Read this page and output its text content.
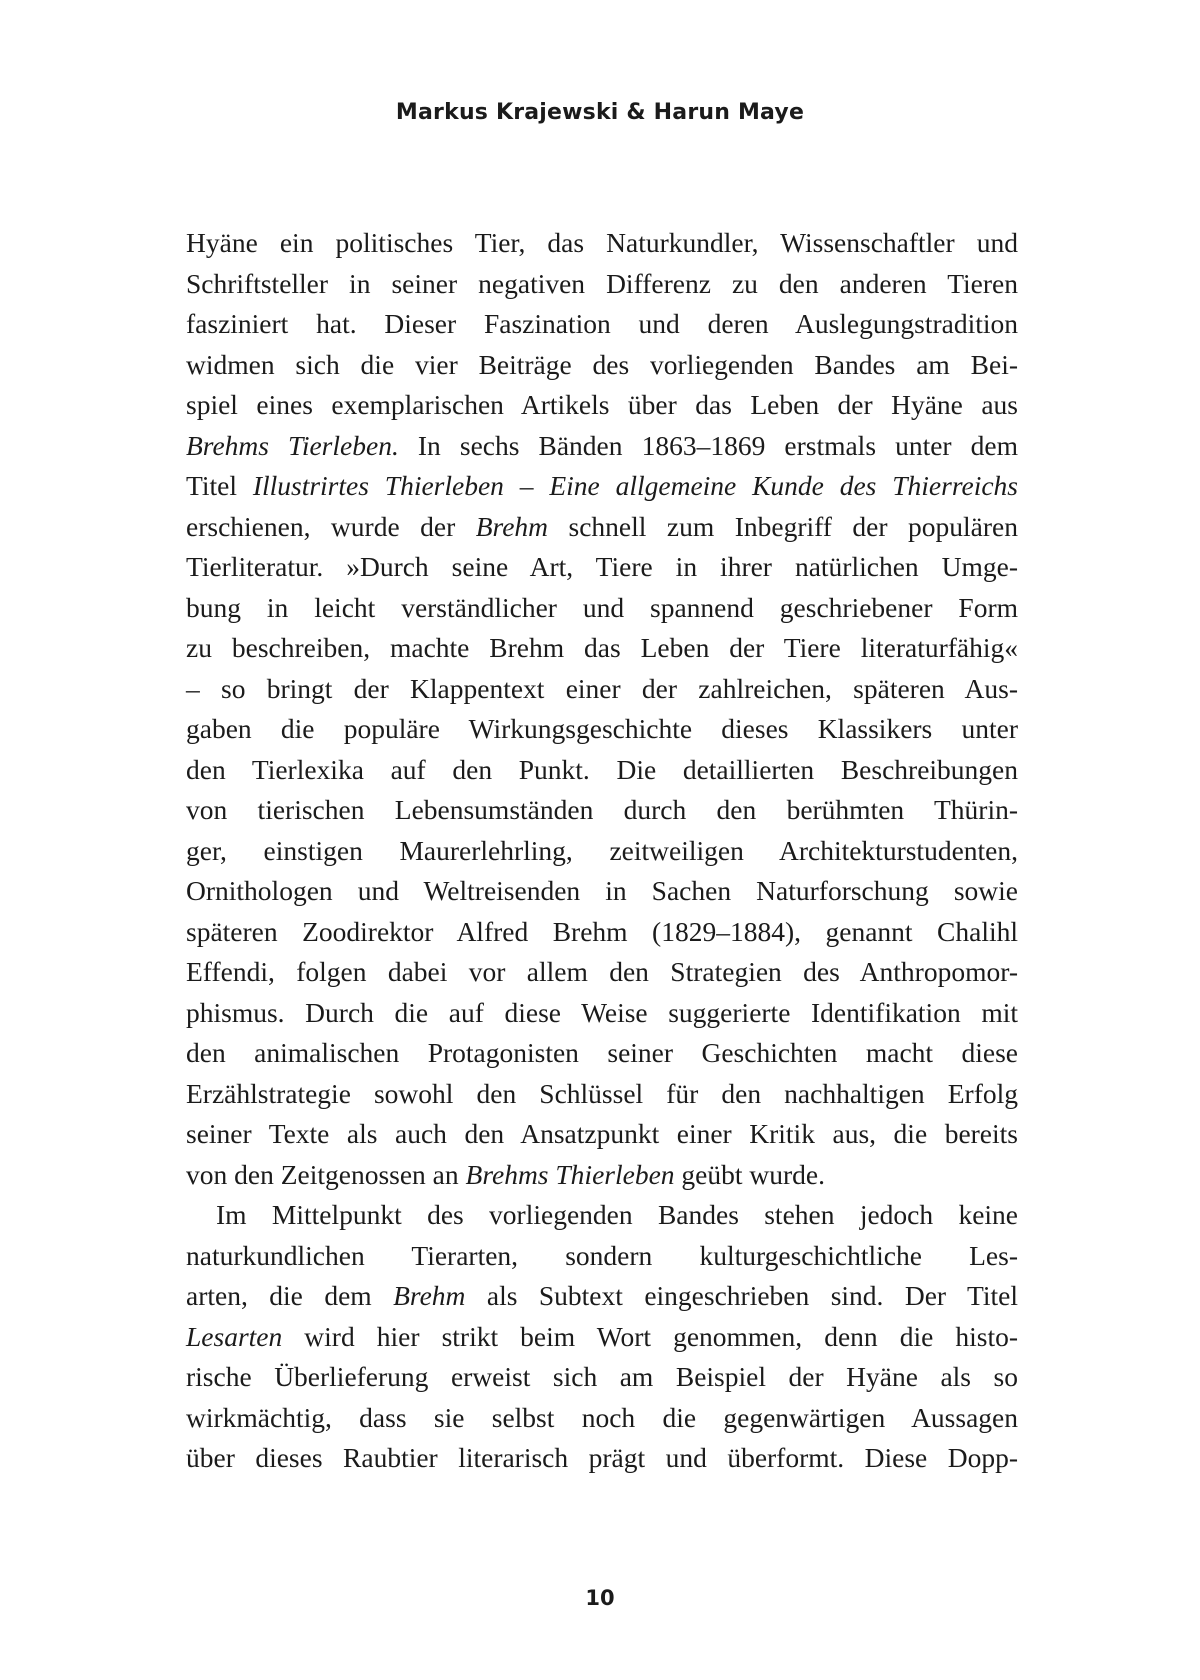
Markus Krajewski & Harun Maye
Hyäne ein politisches Tier, das Naturkundler, Wissenschaftler und
Schriftsteller in seiner negativen Differenz zu den anderen Tieren
fasziniert hat. Dieser Faszination und deren Auslegungstradition
widmen sich die vier Beiträge des vorliegenden Bandes am Bei-
spiel eines exemplarischen Artikels über das Leben der Hyäne aus
Brehms Tierleben. In sechs Bänden 1863–1869 erstmals unter dem
Titel Illustrirtes Thierleben – Eine allgemeine Kunde des Thierreichs
erschienen, wurde der Brehm schnell zum Inbegriff der populären
Tierliteratur. »Durch seine Art, Tiere in ihrer natürlichen Umge-
bung in leicht verständlicher und spannend geschriebener Form
zu beschreiben, machte Brehm das Leben der Tiere literaturfähig«
– so bringt der Klappentext einer der zahlreichen, späteren Aus-
gaben die populäre Wirkungsgeschichte dieses Klassikers unter
den Tierlexika auf den Punkt. Die detaillierten Beschreibungen
von tierischen Lebensumständen durch den berühmten Thürin-
ger, einstigen Maurerlehrling, zeitweiligen Architekturstudenten,
Ornithologen und Weltreisenden in Sachen Naturforschung sowie
späteren Zoodirektor Alfred Brehm (1829–1884), genannt Chalihl
Effendi, folgen dabei vor allem den Strategien des Anthropomor-
phismus. Durch die auf diese Weise suggerierte Identifikation mit
den animalischen Protagonisten seiner Geschichten macht diese
Erzählstrategie sowohl den Schlüssel für den nachhaltigen Erfolg
seiner Texte als auch den Ansatzpunkt einer Kritik aus, die bereits
von den Zeitgenossen an Brehms Thierleben geübt wurde.
Im Mittelpunkt des vorliegenden Bandes stehen jedoch keine
naturkundlichen Tierarten, sondern kulturgeschichtliche Les-
arten, die dem Brehm als Subtext eingeschrieben sind. Der Titel
Lesarten wird hier strikt beim Wort genommen, denn die histo-
rische Überlieferung erweist sich am Beispiel der Hyäne als so
wirkmächtig, dass sie selbst noch die gegenwärtigen Aussagen
über dieses Raubtier literarisch prägt und überformt. Diese Dopp-
10
